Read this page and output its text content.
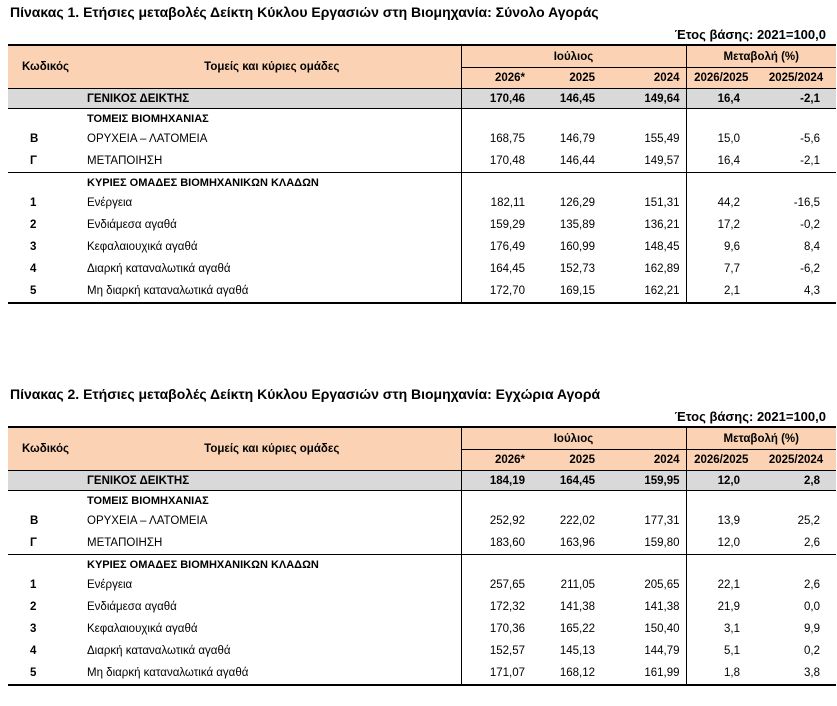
Πίνακας 1. Ετήσιες μεταβολές Δείκτη Κύκλου Εργασιών στη Βιομηχανία: Σύνολο Αγοράς
Έτος βάσης: 2021=100,0
Κωδικός	Τομείς και κύριες ομάδες	Ιούλιος			Μεταβολή (%)	
		2026*	2025	2024	2026/2025	2025/2024
	ΓΕΝΙΚΟΣ ΔΕΙΚΤΗΣ	170,46	146,45	149,64	16,4	-2,1
	ΤΟΜΕΙΣ ΒΙΟΜΗΧΑΝΙΑΣ					
Β	ΟΡΥΧΕΙΑ – ΛΑΤΟΜΕΙΑ	168,75	146,79	155,49	15,0	-5,6
Γ	ΜΕΤΑΠΟΙΗΣΗ	170,48	146,44	149,57	16,4	-2,1
	ΚΥΡΙΕΣ ΟΜΑΔΕΣ ΒΙΟΜΗΧΑΝΙΚΩΝ ΚΛΑΔΩΝ					
1	Ενέργεια	182,11	126,29	151,31	44,2	-16,5
2	Ενδιάμεσα αγαθά	159,29	135,89	136,21	17,2	-0,2
3	Κεφαλαιουχικά αγαθά	176,49	160,99	148,45	9,6	8,4
4	Διαρκή καταναλωτικά αγαθά	164,45	152,73	162,89	7,7	-6,2
5	Μη διαρκή καταναλωτικά αγαθά	172,70	169,15	162,21	2,1	4,3
Πίνακας 2. Ετήσιες μεταβολές Δείκτη Κύκλου Εργασιών στη Βιομηχανία: Εγχώρια Αγορά
Έτος βάσης: 2021=100,0
Κωδικός	Τομείς και κύριες ομάδες	Ιούλιος			Μεταβολή (%)	
		2026*	2025	2024	2026/2025	2025/2024
	ΓΕΝΙΚΟΣ ΔΕΙΚΤΗΣ	184,19	164,45	159,95	12,0	2,8
	ΤΟΜΕΙΣ ΒΙΟΜΗΧΑΝΙΑΣ					
Β	ΟΡΥΧΕΙΑ – ΛΑΤΟΜΕΙΑ	252,92	222,02	177,31	13,9	25,2
Γ	ΜΕΤΑΠΟΙΗΣΗ	183,60	163,96	159,80	12,0	2,6
	ΚΥΡΙΕΣ ΟΜΑΔΕΣ ΒΙΟΜΗΧΑΝΙΚΩΝ ΚΛΑΔΩΝ					
1	Ενέργεια	257,65	211,05	205,65	22,1	2,6
2	Ενδιάμεσα αγαθά	172,32	141,38	141,38	21,9	0,0
3	Κεφαλαιουχικά αγαθά	170,36	165,22	150,40	3,1	9,9
4	Διαρκή καταναλωτικά αγαθά	152,57	145,13	144,79	5,1	0,2
5	Μη διαρκή καταναλωτικά αγαθά	171,07	168,12	161,99	1,8	3,8
